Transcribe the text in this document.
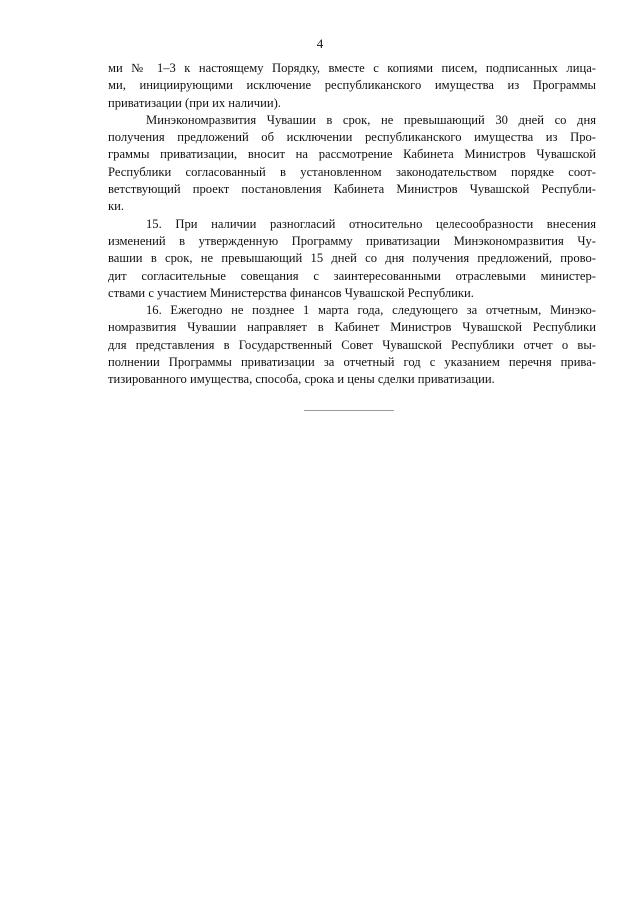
4
ми № 1–3 к настоящему Порядку, вместе с копиями писем, подписанных лица-
ми, инициирующими исключение республиканского имущества из Программы
приватизации (при их наличии).
Минэкономразвития Чувашии в срок, не превышающий 30 дней со дня
получения предложений об исключении республиканского имущества из Про-
граммы приватизации, вносит на рассмотрение Кабинета Министров Чувашской
Республики согласованный в установленном законодательством порядке соот-
ветствующий проект постановления Кабинета Министров Чувашской Республи-
ки.
15. При наличии разногласий относительно целесообразности внесения
изменений в утвержденную Программу приватизации Минэкономразвития Чу-
вашии в срок, не превышающий 15 дней со дня получения предложений, прово-
дит согласительные совещания с заинтересованными отраслевыми министер-
ствами с участием Министерства финансов Чувашской Республики.
16. Ежегодно не позднее 1 марта года, следующего за отчетным, Минэко-
номразвития Чувашии направляет в Кабинет Министров Чувашской Республики
для представления в Государственный Совет Чувашской Республики отчет о вы-
полнении Программы приватизации за отчетный год с указанием перечня прива-
тизированного имущества, способа, срока и цены сделки приватизации.
